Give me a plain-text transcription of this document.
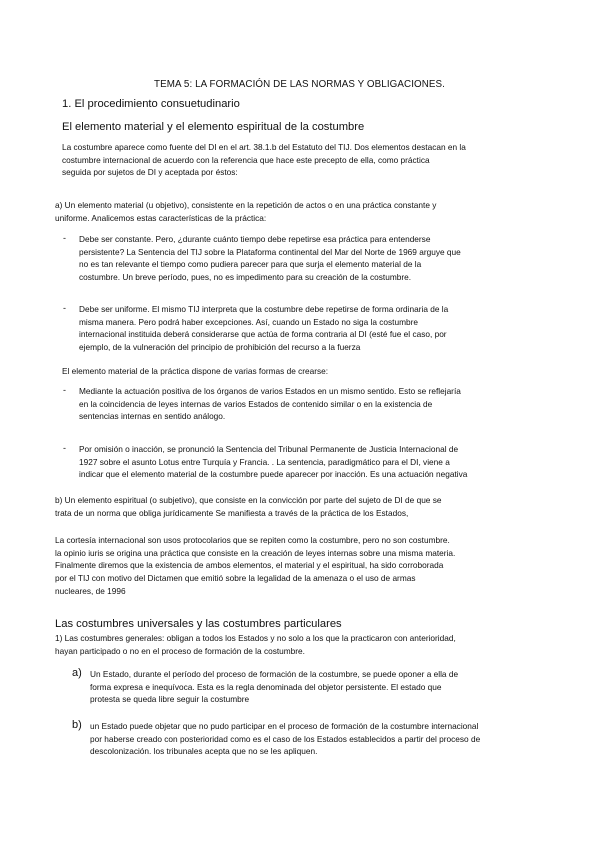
TEMA 5: LA FORMACIÓN DE LAS NORMAS Y OBLIGACIONES.

1. El procedimiento consuetudinario

El elemento material y el elemento espiritual de la costumbre

La costumbre aparece como fuente del DI en el art. 38.1.b del Estatuto del TIJ. Dos elementos destacan en la
costumbre internacional de acuerdo con la referencia que hace este precepto de ella, como práctica
seguida por sujetos de DI y aceptada por éstos:
a) Un elemento material (u objetivo), consistente en la repetición de actos o en una práctica constante y
uniforme. Analicemos estas características de la práctica:
- Debe ser constante. Pero, ¿durante cuánto tiempo debe repetirse esa práctica para entenderse
persistente? La Sentencia del TIJ sobre la Plataforma continental del Mar del Norte de 1969 arguye que
no es tan relevante el tiempo como pudiera parecer para que surja el elemento material de la
costumbre. Un breve período, pues, no es impedimento para su creación de la costumbre.
- Debe ser uniforme. El mismo TIJ interpreta que la costumbre debe repetirse de forma ordinaria de la
misma manera. Pero podrá haber excepciones. Así, cuando un Estado no siga la costumbre
internacional instituida deberá considerarse que actúa de forma contraria al DI (esté fue el caso, por
ejemplo, de la vulneración del principio de prohibición del recurso a la fuerza
El elemento material de la práctica dispone de varias formas de crearse:
- Mediante la actuación positiva de los órganos de varios Estados en un mismo sentido. Esto se reflejaría
en la coincidencia de leyes internas de varios Estados de contenido similar o en la existencia de
sentencias internas en sentido análogo.
- Por omisión o inacción, se pronunció la Sentencia del Tribunal Permanente de Justicia Internacional de
1927 sobre el asunto Lotus entre Turquía y Francia. . La sentencia, paradigmático para el DI, viene a
indicar que el elemento material de la costumbre puede aparecer por inacción. Es una actuación negativa
b) Un elemento espiritual (o subjetivo), que consiste en la convicción por parte del sujeto de DI de que se
trata de un norma que obliga jurídicamente Se manifiesta a través de la práctica de los Estados,
La cortesía internacional son usos protocolarios que se repiten como la costumbre, pero no son costumbre.
la opinio iuris se origina una práctica que consiste en la creación de leyes internas sobre una misma materia.
Finalmente diremos que la existencia de ambos elementos, el material y el espiritual, ha sido corroborada
por el TIJ con motivo del Dictamen que emitió sobre la legalidad de la amenaza o el uso de armas
nucleares, de 1996

Las costumbres universales y las costumbres particulares

1) Las costumbres generales: obligan a todos los Estados y no solo a los que la practicaron con anterioridad,
hayan participado o no en el proceso de formación de la costumbre.
a) Un Estado, durante el período del proceso de formación de la costumbre, se puede oponer a ella de
forma expresa e inequívoca. Esta es la regla denominada del objetor persistente. El estado que
protesta se queda libre seguir la costumbre
b) un Estado puede objetar que no pudo participar en el proceso de formación de la costumbre internacional
por haberse creado con posterioridad como es el caso de los Estados establecidos a partir del proceso de
descolonización. los tribunales acepta que no se les apliquen.
